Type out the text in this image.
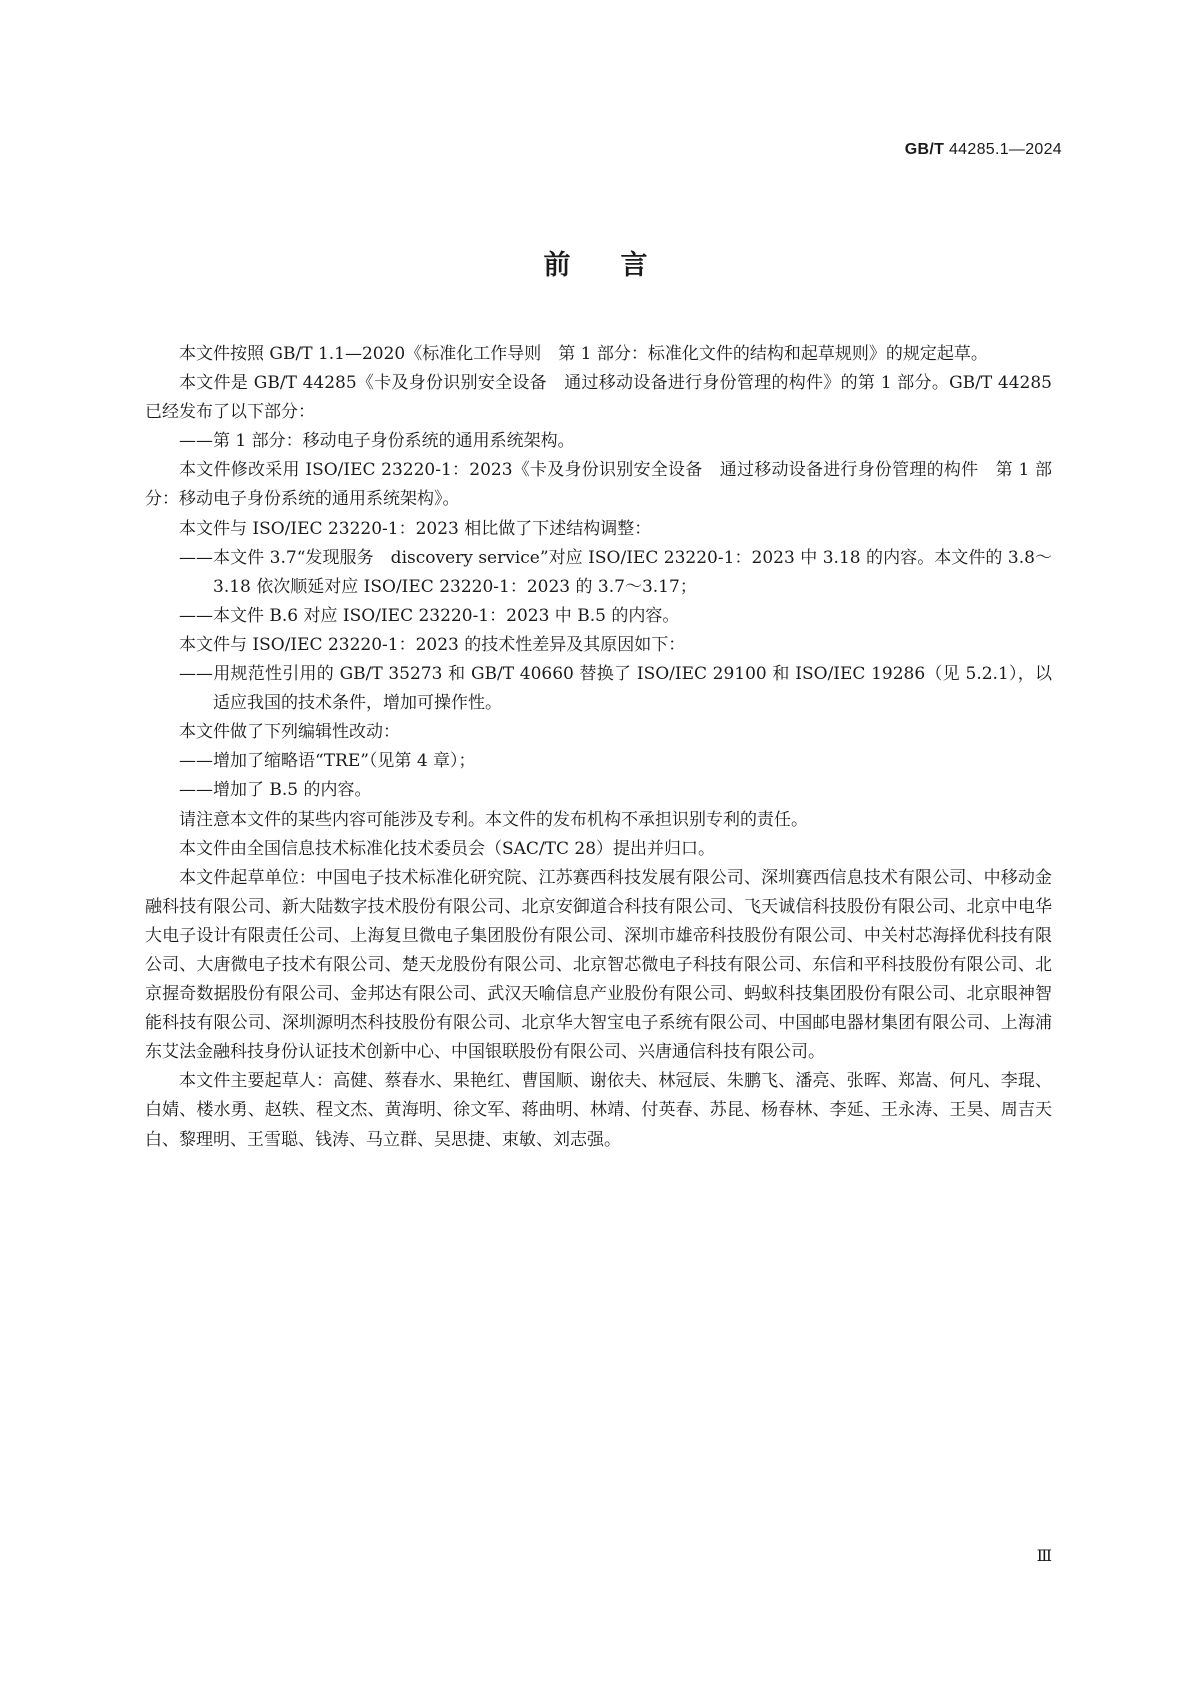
GB/T 44285.1—2024
前言

本文件按照 GB/T 1.1—2020《标准化工作导则　第 1 部分：标准化文件的结构和起草规则》的规定起草。

本文件是 GB/T 44285《卡及身份识别安全设备　通过移动设备进行身份管理的构件》的第 1 部分。GB/T 44285 已经发布了以下部分：

——第 1 部分：移动电子身份系统的通用系统架构。

本文件修改采用 ISO/IEC 23220-1：2023《卡及身份识别安全设备　通过移动设备进行身份管理的构件　第 1 部分：移动电子身份系统的通用系统架构》。

本文件与 ISO/IEC 23220-1：2023 相比做了下述结构调整：

——本文件 3.7“发现服务　discovery service”对应 ISO/IEC 23220-1：2023 中 3.18 的内容。本文件的 3.8～3.18 依次顺延对应 ISO/IEC 23220-1：2023 的 3.7～3.17；

——本文件 B.6 对应 ISO/IEC 23220-1：2023 中 B.5 的内容。

本文件与 ISO/IEC 23220-1：2023 的技术性差异及其原因如下：

——用规范性引用的 GB/T 35273 和 GB/T 40660 替换了 ISO/IEC 29100 和 ISO/IEC 19286（见 5.2.1），以适应我国的技术条件，增加可操作性。

本文件做了下列编辑性改动：

——增加了缩略语“TRE”（见第 4 章）；

——增加了 B.5 的内容。

请注意本文件的某些内容可能涉及专利。本文件的发布机构不承担识别专利的责任。

本文件由全国信息技术标准化技术委员会（SAC/TC 28）提出并归口。

本文件起草单位：中国电子技术标准化研究院、江苏赛西科技发展有限公司、深圳赛西信息技术有限公司、中移动金融科技有限公司、新大陆数字技术股份有限公司、北京安御道合科技有限公司、飞天诚信科技股份有限公司、北京中电华大电子设计有限责任公司、上海复旦微电子集团股份有限公司、深圳市雄帝科技股份有限公司、中关村芯海择优科技有限公司、大唐微电子技术有限公司、楚天龙股份有限公司、北京智芯微电子科技有限公司、东信和平科技股份有限公司、北京握奇数据股份有限公司、金邦达有限公司、武汉天喻信息产业股份有限公司、蚂蚁科技集团股份有限公司、北京眼神智能科技有限公司、深圳源明杰科技股份有限公司、北京华大智宝电子系统有限公司、中国邮电器材集团有限公司、上海浦东艾法金融科技身份认证技术创新中心、中国银联股份有限公司、兴唐通信科技有限公司。

本文件主要起草人：高健、蔡春水、果艳红、曹国顺、谢依夫、林冠辰、朱鹏飞、潘亮、张晖、郑嵩、何凡、李琨、白婧、楼水勇、赵轶、程文杰、黄海明、徐文军、蒋曲明、林靖、付英春、苏昆、杨春林、李延、王永涛、王昊、周吉天白、黎理明、王雪聪、钱涛、马立群、吴思捷、束敏、刘志强。

Ⅲ
